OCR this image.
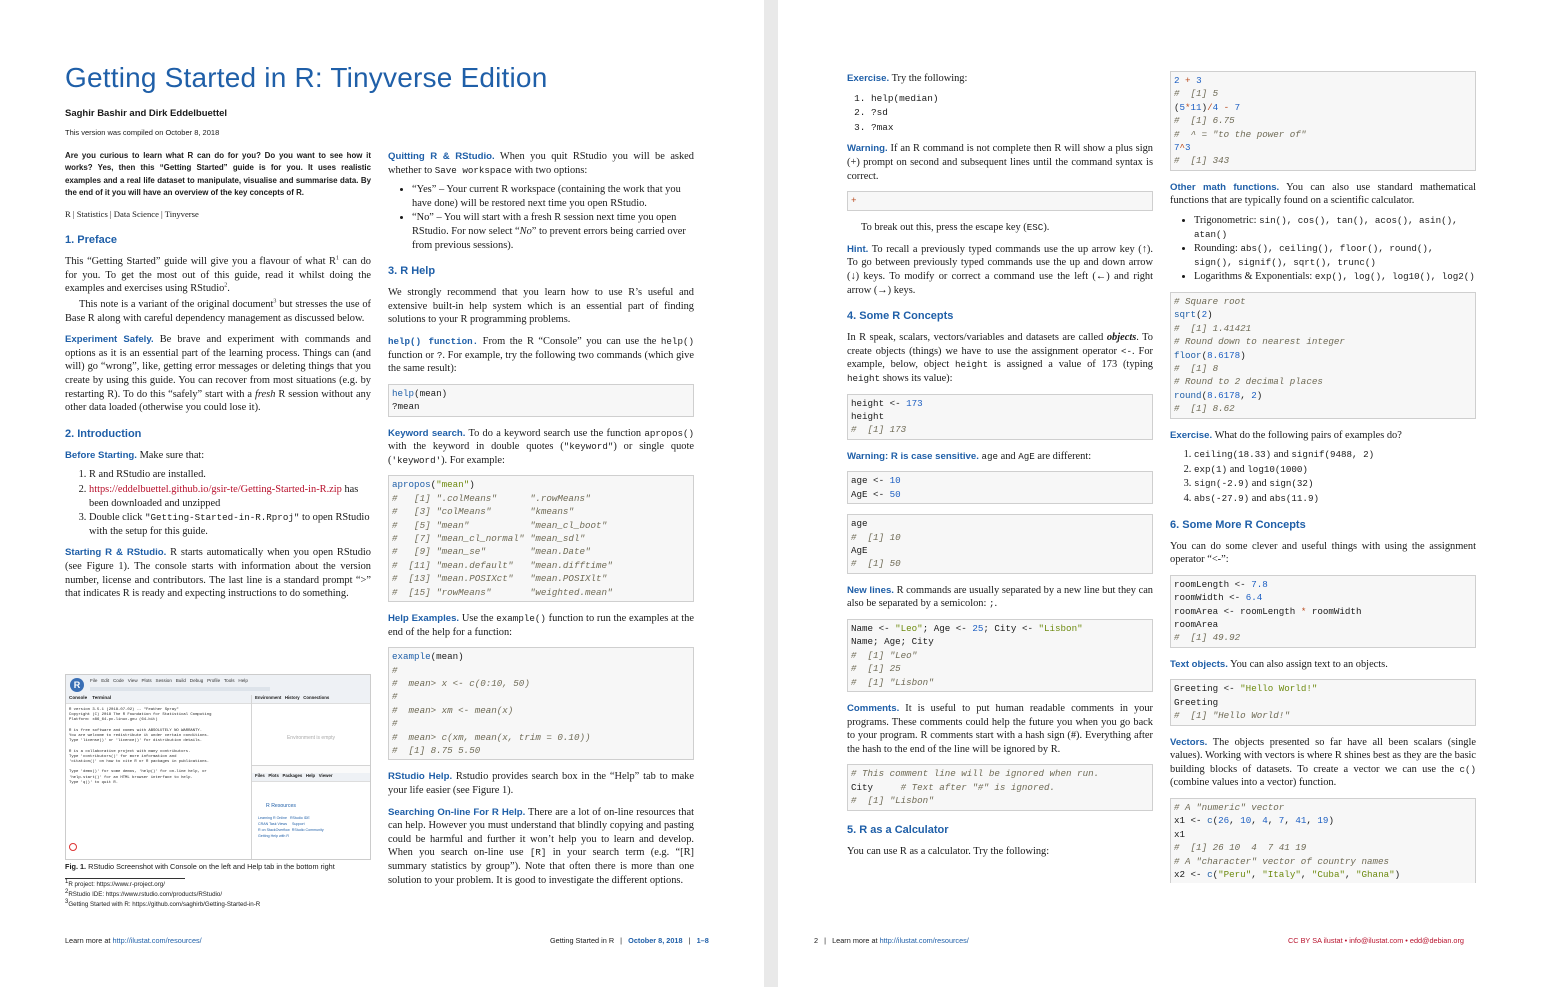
Getting Started in R: Tinyverse Edition
Saghir Bashir and Dirk Eddelbuettel
This version was compiled on October 8, 2018

Are you curious to learn what R can do for you? Do you want to see how it works? Yes, then this “Getting Started” guide is for you. It uses realistic examples and a real life dataset to manipulate, visualise and summarise data. By the end of it you will have an overview of the key concepts of R.

R | Statistics | Data Science | Tinyverse

1. Preface

This “Getting Started” guide will give you a flavour of what $R^1$ can do for you. To get the most out of this guide, read it whilst doing the examples and exercises using RStudio$^2$.

This note is a variant of the original document$^3$ but stresses the use of Base R along with careful dependency management as discussed below.

Experiment Safely. Be brave and experiment with commands and options as it is an essential part of the learning process. Things can (and will) go “wrong”, like, getting error messages or deleting things that you create by using this guide. You can recover from most situations (e.g. by restarting R). To do this “safely” start with a fresh R session without any other data loaded (otherwise you could lose it).

2. Introduction

Before Starting. Make sure that:

1. R and RStudio are installed.
2. https://eddelbuettel.github.io/gsir-te/Getting-Started-in-R.zip has been downloaded and unzipped
3. Double click "Getting-Started-in-R.Rproj" to open RStudio with the setup for this guide.

Starting R & RStudio. R starts automatically when you open RStudio (see Figure 1). The console starts with information about the version number, license and contributors. The last line is a standard prompt “>” that indicates R is ready and expecting instructions to do something.

R	File   Edit   Code   View   Plots   Session   Build   Debug   Profile   Tools   Help
Console    Terminal
R version 3.5.1 (2018-07-02) -- "Feather Spray"
Copyright (C) 2018 The R Foundation for Statistical Computing
Platform: x86_64-pc-linux-gnu (64-bit)

R is free software and comes with ABSOLUTELY NO WARRANTY.
You are welcome to redistribute it under certain conditions.
Type 'license()' or 'licence()' for distribution details.

R is a collaborative project with many contributors.
Type 'contributors()' for more information and
'citation()' on how to cite R or R packages in publications.

Type 'demo()' for some demos, 'help()' for on-line help, or
'help.start()' for an HTML browser interface to help.
Type 'q()' to quit R.
Environment   History   Connections
Environment is empty
Files   Plots   Packages   Help   Viewer
R Resources
Learning R Online   RStudio IDE
CRAN Task Views     Support
R on StackOverflow  RStudio Community
Getting Help with R
Fig. 1. RStudio Screenshot with Console on the left and Help tab in the bottom right
$^1$R project: https://www.r-project.org/
$^2$RStudio IDE: https://www.rstudio.com/products/RStudio/
$^3$Getting Started with R: https://github.com/saghirb/Getting-Started-in-R

Quitting R & RStudio. When you quit RStudio you will be asked whether to Save workspace with two options:

• “Yes” – Your current R workspace (containing the work that you have done) will be restored next time you open RStudio.
• “No” – You will start with a fresh R session next time you open RStudio. For now select “No” to prevent errors being carried over from previous sessions).
3. R Help

We strongly recommend that you learn how to use R’s useful and extensive built-in help system which is an essential part of finding solutions to your R programming problems.

help() function. From the R “Console” you can use the help() function or ?. For example, try the following two commands (which give the same result):

help(mean)
?mean

Keyword search. To do a keyword search use the function apropos() with the keyword in double quotes ("keyword") or single quote ('keyword'). For example:

apropos("mean")
#   [1] ".colMeans"      ".rowMeans"
#   [3] "colMeans"       "kmeans"
#   [5] "mean"           "mean_cl_boot"
#   [7] "mean_cl_normal" "mean_sdl"
#   [9] "mean_se"        "mean.Date"
#  [11] "mean.default"   "mean.difftime"
#  [13] "mean.POSIXct"   "mean.POSIXlt"
#  [15] "rowMeans"       "weighted.mean"

Help Examples. Use the example() function to run the examples at the end of the help for a function:

example(mean)
#
#  mean> x <- c(0:10, 50)
#
#  mean> xm <- mean(x)
#
#  mean> c(xm, mean(x, trim = 0.10))
#  [1] 8.75 5.50

RStudio Help. Rstudio provides search box in the “Help” tab to make your life easier (see Figure 1).

Searching On-line For R Help. There are a lot of on-line resources that can help. However you must understand that blindly copying and pasting could be harmful and further it won’t help you to learn and develop. When you search on-line use [R] in your search term (e.g. “[R] summary statistics by group”). Note that often there is more than one solution to your problem. It is good to investigate the different options.

Learn more at http://ilustat.com/resources/	Getting Started in R   |   October 8, 2018   |   1–8

Exercise. Try the following:

1. help(median)
2. ?sd
3. ?max

Warning. If an R command is not complete then R will show a plus sign (+) prompt on second and subsequent lines until the command syntax is correct.

+

To break out this, press the escape key (ESC).

Hint. To recall a previously typed commands use the up arrow key (↑). To go between previously typed commands use the up and down arrow (↓) keys. To modify or correct a command use the left (←) and right arrow (→) keys.

4. Some R Concepts

In R speak, scalars, vectors/variables and datasets are called objects. To create objects (things) we have to use the assignment operator <-. For example, below, object height is assigned a value of 173 (typing height shows its value):

height <- 173
height
#  [1] 173

Warning: R is case sensitive. age and AgE are different:

age <- 10
AgE <- 50
age
#  [1] 10
AgE
#  [1] 50

New lines. R commands are usually separated by a new line but they can also be separated by a semicolon: ;.

Name <- "Leo"; Age <- 25; City <- "Lisbon"
Name; Age; City
#  [1] "Leo"
#  [1] 25
#  [1] "Lisbon"

Comments. It is useful to put human readable comments in your programs. These comments could help the future you when you go back to your program. R comments start with a hash sign (#). Everything after the hash to the end of the line will be ignored by R.

# This comment line will be ignored when run.
City	# Text after "#" is ignored.
#  [1] "Lisbon"
5. R as a Calculator

You can use R as a calculator. Try the following:

2 + 3
#  [1] 5
(5*11)/4 - 7
#  [1] 6.75
#  ^ = "to the power of"
7^3
#  [1] 343

Other math functions. You can also use standard mathematical functions that are typically found on a scientific calculator.

• Trigonometric: sin(), cos(), tan(), acos(), asin(), atan()
• Rounding: abs(), ceiling(), floor(), round(), sign(), signif(), sqrt(), trunc()
• Logarithms & Exponentials: exp(), log(), log10(), log2()
# Square root
sqrt(2)
#  [1] 1.41421
# Round down to nearest integer
floor(8.6178)
#  [1] 8
# Round to 2 decimal places
round(8.6178, 2)
#  [1] 8.62

Exercise. What do the following pairs of examples do?

1. ceiling(18.33) and signif(9488, 2)
2. exp(1) and log10(1000)
3. sign(-2.9) and sign(32)
4. abs(-27.9) and abs(11.9)
6. Some More R Concepts

You can do some clever and useful things with using the assignment operator “<-”:

roomLength <- 7.8
roomWidth <- 6.4
roomArea <- roomLength * roomWidth
roomArea
#  [1] 49.92

Text objects. You can also assign text to an objects.

Greeting <- "Hello World!"
Greeting
#  [1] "Hello World!"

Vectors. The objects presented so far have all been scalars (single values). Working with vectors is where R shines best as they are the basic building blocks of datasets. To create a vector we can use the c() (combine values into a vector) function.

# A "numeric" vector
x1 <- c(26, 10, 4, 7, 41, 19)
x1
#  [1] 26 10  4  7 41 19
# A "character" vector of country names
x2 <- c("Peru", "Italy", "Cuba", "Ghana")
2   |   Learn more at http://ilustat.com/resources/	CC BY SA ilustat • info@ilustat.com • edd@debian.org
